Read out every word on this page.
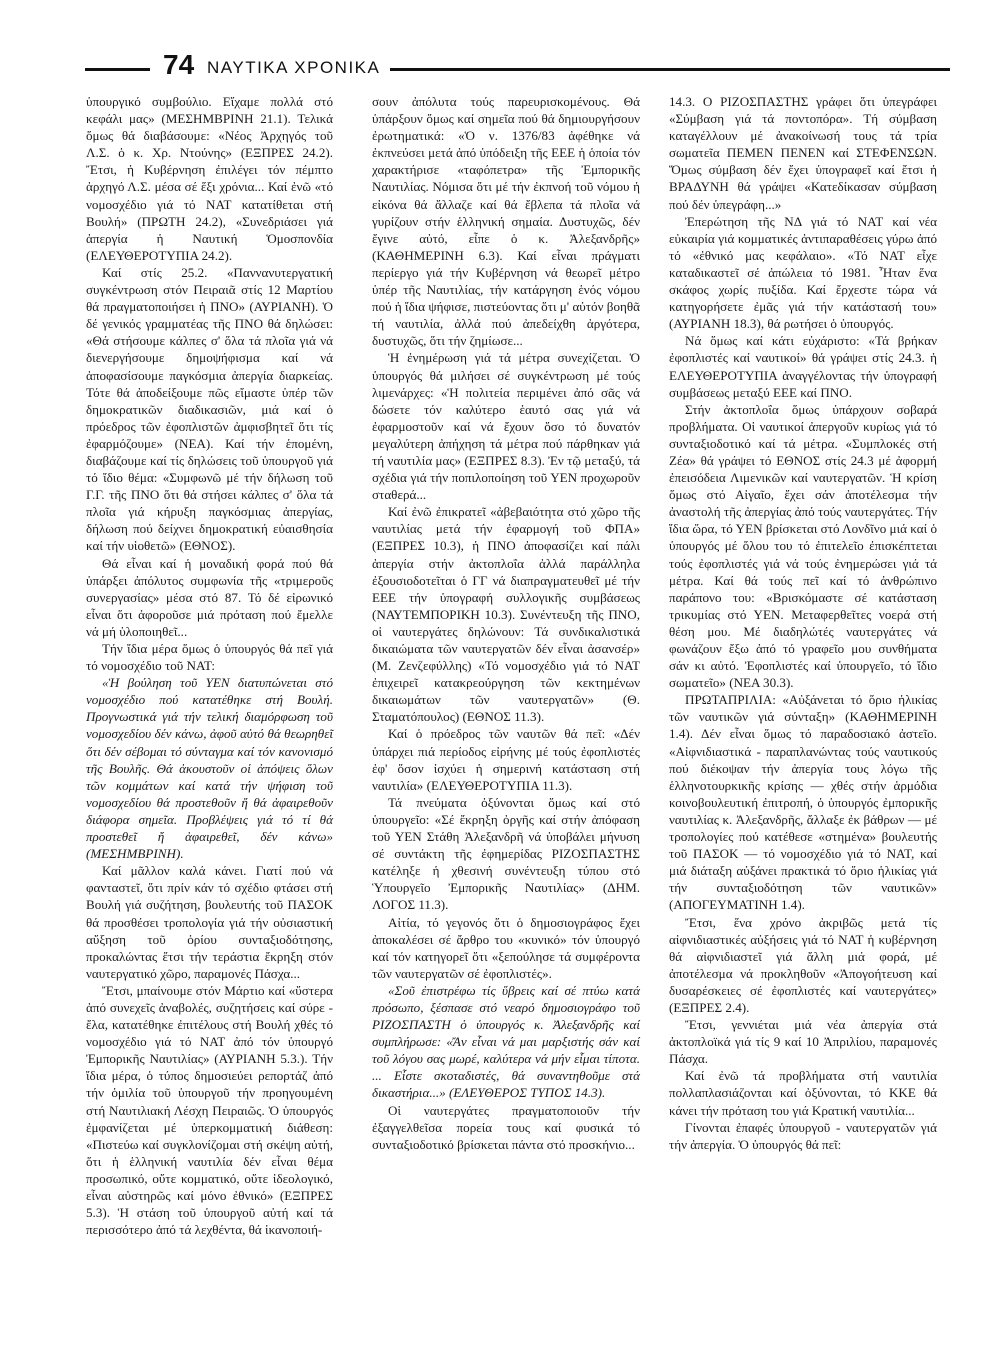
74 ΝΑΥΤΙΚΑ ΧΡΟΝΙΚΑ

ὑπουργικό συμβούλιο. Εἴχαμε πολλά στό κεφάλι μας» (ΜΕΣΗΜΒΡΙΝΗ 21.1). Τελικά ὅμως θά διαβάσουμε: «Νέος Ἀρχηγός τοῦ Λ.Σ. ὁ κ. Χρ. Ντούνης» (ΕΞΠΡΕΣ 24.2). Ἔτσι, ἡ Κυβέρνηση ἐπιλέγει τόν πέμπτο ἀρχηγό Λ.Σ. μέσα σέ ἕξι χρόνια... Καί ἐνῶ «τό νομοσχέδιο γιά τό ΝΑΤ κατατίθεται στή Βουλή» (ΠΡΩΤΗ 24.2), «Συνεδριάσει γιά ἀπεργία ἡ Ναυτική Ὁμοσπονδία (ΕΛΕΥΘΕΡΟΤΥΠΙΑ 24.2).

Καί στίς 25.2. «Παννανυτεργατική συγκέντρωση στόν Πειραιᾶ στίς 12 Μαρτίου θά πραγματοποιήσει ἡ ΠΝΟ» (ΑΥΡΙΑΝΗ). Ὁ δέ γενικός γραμματέας τῆς ΠΝΟ θά δηλώσει: «Θά στήσουμε κάλπες σ' ὅλα τά πλοῖα γιά νά διενεργήσουμε δημοψήφισμα καί νά ἀποφασίσουμε παγκόσμια ἀπεργία διαρκείας. Τότε θά ἀποδείξουμε πῶς εἴμαστε ὑπέρ τῶν δημοκρατικῶν διαδικασιῶν, μιά καί ὁ πρόεδρος τῶν ἐφοπλιστῶν ἀμφισβητεῖ ὅτι τίς ἐφαρμόζουμε» (ΝΕΑ). Καί τήν ἑπομένη, διαβάζουμε καί τίς δηλώσεις τοῦ ὑπουργοῦ γιά τό ἴδιο θέμα: «Συμφωνῶ μέ τήν δήλωση τοῦ Γ.Γ. τῆς ΠΝΟ ὅτι θά στήσει κάλπες σ' ὅλα τά πλοῖα γιά κήρυξη παγκόσμιας ἀπεργίας, δήλωση πού δείχνει δημοκρατική εὐαισθησία καί τήν υἱοθετῶ» (ΕΘΝΟΣ).

Θά εἶναι καί ἡ μοναδική φορά πού θά ὑπάρξει ἀπόλυτος συμφωνία τῆς «τριμεροῦς συνεργασίας» μέσα στό 87. Τό δέ εἰρωνικό εἶναι ὅτι ἀφοροῦσε μιά πρόταση πού ἔμελλε νά μή ὑλοποιηθεῖ...

Τήν ἴδια μέρα ὅμως ὁ ὑπουργός θά πεῖ γιά τό νομοσχέδιο τοῦ ΝΑΤ:

«Ἡ βούληση τοῦ ΥΕΝ διατυπώνεται στό νομοσχέδιο πού κατατέθηκε στή Βουλή. Προγνωστικά γιά τήν τελική διαμόρφωση τοῦ νομοσχεδίου δέν κάνω, ἀφοῦ αὐτό θά θεωρηθεῖ ὅτι δέν σέβομαι τό σύνταγμα καί τόν κανονισμό τῆς Βουλῆς. Θά ἀκουστοῦν οἱ ἀπόψεις ὅλων τῶν κομμάτων καί κατά τήν ψήφιση τοῦ νομοσχεδίου θά προστεθοῦν ἤ θά ἀφαιρεθοῦν διάφορα σημεῖα. Προβλέψεις γιά τό τί θά προστεθεῖ ἤ ἀφαιρεθεῖ, δέν κάνω» (ΜΕΣΗΜΒΡΙΝΗ).

Καί μᾶλλον καλά κάνει. Γιατί πού νά φανταστεῖ, ὅτι πρίν κάν τό σχέδιο φτάσει στή Βουλή γιά συζήτηση, βουλευτής τοῦ ΠΑΣΟΚ θά προσθέσει τροπολογία γιά τήν οὐσιαστική αὔξηση τοῦ ὁρίου συνταξιοδότησης, προκαλώντας ἔτσι τήν τεράστια ἔκρηξη στόν ναυτεργατικό χῶρο, παραμονές Πάσχα...

Ἔτσι, μπαίνουμε στόν Μάρτιο καί «ὕστερα ἀπό συνεχεῖς ἀναβολές, συζητήσεις καί σύρε - ἔλα, κατατέθηκε ἐπιτέλους στή Βουλή χθές τό νομοσχέδιο γιά τό ΝΑΤ ἀπό τόν ὑπουργό Ἐμπορικῆς Ναυτιλίας» (ΑΥΡΙΑΝΗ 5.3.). Τήν ἴδια μέρα, ὁ τύπος δημοσιεύει ρεπορτάζ ἀπό τήν ὁμιλία τοῦ ὑπουργοῦ τήν προηγουμένη στή Ναυτιλιακή Λέσχη Πειραιῶς. Ὁ ὑπουργός ἐμφανίζεται μέ ὑπερκομματική διάθεση: «Πιστεύω καί συγκλονίζομαι στή σκέψη αὐτή, ὅτι ἡ ἑλληνική ναυτιλία δέν εἶναι θέμα προσωπικό, οὔτε κομματικό, οὔτε ἰδεολογικό, εἶναι αὐστηρῶς καί μόνο ἐθνικό» (ΕΞΠΡΕΣ 5.3). Ἡ στάση τοῦ ὑπουργοῦ αὐτή καί τά περισσότερο ἀπό τά λεχθέντα, θά ἱκανοποιή-

σουν ἀπόλυτα τούς παρευρισκομένους. Θά ὑπάρξουν ὅμως καί σημεῖα πού θά δημιουργήσουν ἐρωτηματικά: «Ὁ ν. 1376/83 ἀφέθηκε νά ἐκπνεύσει μετά ἀπό ὑπόδειξη τῆς ΕΕΕ ἡ ὁποία τόν χαρακτήρισε «ταφόπετρα» τῆς Ἐμπορικῆς Ναυτιλίας. Νόμισα ὅτι μέ τήν ἐκπνοή τοῦ νόμου ἡ εἰκόνα θά ἄλλαζε καί θά ἔβλεπα τά πλοῖα νά γυρίζουν στήν ἑλληνική σημαία. Δυστυχῶς, δέν ἔγινε αὐτό, εἶπε ὁ κ. Ἀλεξανδρῆς» (ΚΑΘΗΜΕΡΙΝΗ 6.3). Καί εἶναι πράγματι περίεργο γιά τήν Κυβέρνηση νά θεωρεῖ μέτρο ὑπέρ τῆς Ναυτιλίας, τήν κατάργηση ἑνός νόμου πού ἡ ἴδια ψήφισε, πιστεύοντας ὅτι μ' αὐτόν βοηθᾶ τή ναυτιλία, ἀλλά πού ἀπεδείχθη ἀργότερα, δυστυχῶς, ὅτι τήν ζημίωσε...

Ἡ ἐνημέρωση γιά τά μέτρα συνεχίζεται. Ὁ ὑπουργός θά μιλήσει σέ συγκέντρωση μέ τούς λιμενάρχες: «Ἡ πολιτεία περιμένει ἀπό σᾶς νά δώσετε τόν καλύτερο ἑαυτό σας γιά νά ἐφαρμοστοῦν καί νά ἔχουν ὅσο τό δυνατόν μεγαλύτερη ἀπήχηση τά μέτρα πού πάρθηκαν γιά τή ναυτιλία μας» (ΕΞΠΡΕΣ 8.3). Ἐν τῷ μεταξύ, τά σχέδια γιά τήν ποπιλοποίηση τοῦ ΥΕΝ προχωροῦν σταθερά...

Καί ἐνῶ ἐπικρατεῖ «ἀβεβαιότητα στό χῶρο τῆς ναυτιλίας μετά τήν ἐφαρμογή τοῦ ΦΠΑ» (ΕΞΠΡΕΣ 10.3), ἡ ΠΝΟ ἀποφασίζει καί πάλι ἀπεργία στήν ἀκτοπλοΐα ἀλλά παράλληλα ἐξουσιοδοτεῖται ὁ ΓΓ νά διαπραγματευθεῖ μέ τήν ΕΕΕ τήν ὑπογραφή συλλογικῆς συμβάσεως (ΝΑΥΤΕΜΠΟΡΙΚΗ 10.3). Συνέντευξη τῆς ΠΝΟ, οἱ ναυτεργάτες δηλώνουν: Τά συνδικαλιστικά δικαιώματα τῶν ναυτεργατῶν δέν εἶναι ἀσανσέρ» (Μ. Ζενζεφύλλης) «Τό νομοσχέδιο γιά τό ΝΑΤ ἐπιχειρεῖ κατακρεούργηση τῶν κεκτημένων δικαιωμάτων τῶν ναυτεργατῶν» (Θ. Σταματόπουλος) (ΕΘΝΟΣ 11.3).

Καί ὁ πρόεδρος τῶν ναυτῶν θά πεῖ: «Δέν ὑπάρχει πιά περίοδος εἰρήνης μέ τούς ἐφοπλιστές ἐφ' ὅσον ἰσχύει ἡ σημερινή κατάσταση στή ναυτιλία» (ΕΛΕΥΘΕΡΟΤΥΠΙΑ 11.3).

Τά πνεύματα ὀξύνονται ὅμως καί στό ὑπουργεῖο: «Σέ ἔκρηξη ὀργῆς καί στήν ἀπόφαση τοῦ ΥΕΝ Στάθη Ἀλεξανδρῆ νά ὑποβάλει μήνυση σέ συντάκτη τῆς ἐφημερίδας ΡΙΖΟΣΠΑΣΤΗΣ κατέληξε ἡ χθεσινή συνέντευξη τύπου στό Ὑπουργεῖο Ἐμπορικῆς Ναυτιλίας» (ΔΗΜ. ΛΟΓΟΣ 11.3).

Αἰτία, τό γεγονός ὅτι ὁ δημοσιογράφος ἔχει ἀποκαλέσει σέ ἄρθρο του «κυνικό» τόν ὑπουργό καί τόν κατηγορεῖ ὅτι «ξεπούλησε τά συμφέροντα τῶν ναυτεργατῶν σέ ἐφοπλιστές».

«Σοῦ ἐπιστρέφω τίς ὕβρεις καί σέ πτύω κατά πρόσωπο, ξέσπασε στό νεαρό δημοσιογράφο τοῦ ΡΙΖΟΣΠΑΣΤΗ ὁ ὑπουργός κ. Ἀλεξανδρῆς καί συμπλήρωσε: «Ἄν εἶναι νά μαι μαρξιστής σάν καί τοῦ λόγου σας μωρέ, καλύτερα νά μήν εἶμαι τίποτα. ... Εἶστε σκοταδιστές, θά συναντηθοῦμε στά δικαστήρια...» (ΕΛΕΥΘΕΡΟΣ ΤΥΠΟΣ 14.3).

Οἱ ναυτεργάτες πραγματοποιοῦν τήν ἐξαγγελθεῖσα πορεία τους καί φυσικά τό συνταξιοδοτικό βρίσκεται πάντα στό προσκήνιο...

14.3. Ο ΡΙΖΟΣΠΑΣΤΗΣ γράφει ὅτι ὑπεγράφει «Σύμβαση γιά τά ποντοπόρα». Τή σύμβαση καταγέλλουν μέ ἀνακοίνωσή τους τά τρία σωματεῖα ΠΕΜΕΝ ΠΕΝΕΝ καί ΣΤΕΦΕΝΣΩΝ. Ὅμως σύμβαση δέν ἔχει ὑπογραφεῖ καί ἔτσι ἡ ΒΡΑΔΥΝΗ θά γράψει «Κατεδίκασαν σύμβαση πού δέν ὑπεγράφη...»

Ἐπερώτηση τῆς ΝΔ γιά τό ΝΑΤ καί νέα εὐκαιρία γιά κομματικές ἀντιπαραθέσεις γύρω ἀπό τό «ἐθνικό μας κεφάλαιο». «Τό ΝΑΤ εἶχε καταδικαστεῖ σέ ἀπώλεια τό 1981. Ἦταν ἕνα σκάφος χωρίς πυξίδα. Καί ἔρχεστε τώρα νά κατηγορήσετε ἐμᾶς γιά τήν κατάστασή του» (ΑΥΡΙΑΝΗ 18.3), θά ρωτήσει ὁ ὑπουργός.

Νά ὅμως καί κάτι εὐχάριστο: «Τά βρήκαν ἐφοπλιστές καί ναυτικοί» θά γράψει στίς 24.3. ἡ ΕΛΕΥΘΕΡΟΤΥΠΙΑ ἀναγγέλοντας τήν ὑπογραφή συμβάσεως μεταξύ ΕΕΕ καί ΠΝΟ.

Στήν ἀκτοπλοΐα ὅμως ὑπάρχουν σοβαρά προβλήματα. Οἱ ναυτικοί ἀπεργοῦν κυρίως γιά τό συνταξιοδοτικό καί τά μέτρα. «Συμπλοκές στή Ζέα» θά γράψει τό ΕΘΝΟΣ στίς 24.3 μέ ἀφορμή ἐπεισόδεια Λιμενικῶν καί ναυτεργατῶν. Ἡ κρίση ὅμως στό Αἰγαῖο, ἔχει σάν ἀποτέλεσμα τήν ἀναστολή τῆς ἀπεργίας ἀπό τούς ναυτεργάτες. Τήν ἴδια ὥρα, τό ΥΕΝ βρίσκεται στό Λονδῖνο μιά καί ὁ ὑπουργός μέ ὅλου του τό ἐπιτελεῖο ἐπισκέπτεται τούς ἐφοπλιστές γιά νά τούς ἐνημερώσει γιά τά μέτρα. Καί θά τούς πεῖ καί τό ἀνθρώπινο παράπονο του: «Βρισκόμαστε σέ κατάσταση τρικυμίας στό ΥΕΝ. Μεταφερθεῖτες νοερά στή θέση μου. Μέ διαδηλώτές ναυτεργάτες νά φωνάζουν ἔξω ἀπό τό γραφεῖο μου συνθήματα σάν κι αὐτό. Ἐφοπλιστές καί ὑπουργεῖο, τό ἴδιο σωματεῖο» (ΝΕΑ 30.3).

ΠΡΩΤΑΠΡΙΛΙΑ: «Αὐξάνεται τό ὅριο ἡλικίας τῶν ναυτικῶν γιά σύνταξη» (ΚΑΘΗΜΕΡΙΝΗ 1.4). Δέν εἶναι ὅμως τό παραδοσιακό ἀστεῖο. «Αἰφνιδιαστικά - παραπλανώντας τούς ναυτικούς πού διέκοψαν τήν ἀπεργία τους λόγω τῆς ἑλληνοτουρκικῆς κρίσης — χθές στήν ἁρμόδια κοινοβουλευτική ἐπιτροπή, ὁ ὑπουργός ἐμπορικῆς ναυτιλίας κ. Ἀλεξανδρῆς, ἄλλαξε ἐκ βάθρων — μέ τροπολογίες πού κατέθεσε «στημένα» βουλευτής τοῦ ΠΑΣΟΚ — τό νομοσχέδιο γιά τό ΝΑΤ, καί μιά διάταξη αὐξάνει πρακτικά τό ὅριο ἡλικίας γιά τήν συνταξιοδότηση τῶν ναυτικῶν» (ΑΠΟΓΕΥΜΑΤΙΝΗ 1.4).

Ἔτσι, ἕνα χρόνο ἀκριβῶς μετά τίς αἰφνιδιαστικές αὐξήσεις γιά τό ΝΑΤ ἡ κυβέρνηση θά αἰφνιδιαστεῖ γιά ἄλλη μιά φορά, μέ ἀποτέλεσμα νά προκληθοῦν «Ἀπογοήτευση καί δυσαρέσκειες σέ ἐφοπλιστές καί ναυτεργάτες» (ΕΞΠΡΕΣ 2.4).

Ἔτσι, γεννιέται μιά νέα ἀπεργία στά ἀκτοπλοϊκά γιά τίς 9 καί 10 Ἀπριλίου, παραμονές Πάσχα.

Καί ἐνῶ τά προβλήματα στή ναυτιλία πολλαπλασιάζονται καί ὀξύνονται, τό ΚΚΕ θά κάνει τήν πρόταση του γιά Κρατική ναυτιλία...

Γίνονται ἐπαφές ὑπουργοῦ - ναυτεργατῶν γιά τήν ἀπεργία. Ὁ ὑπουργός θά πεῖ:
